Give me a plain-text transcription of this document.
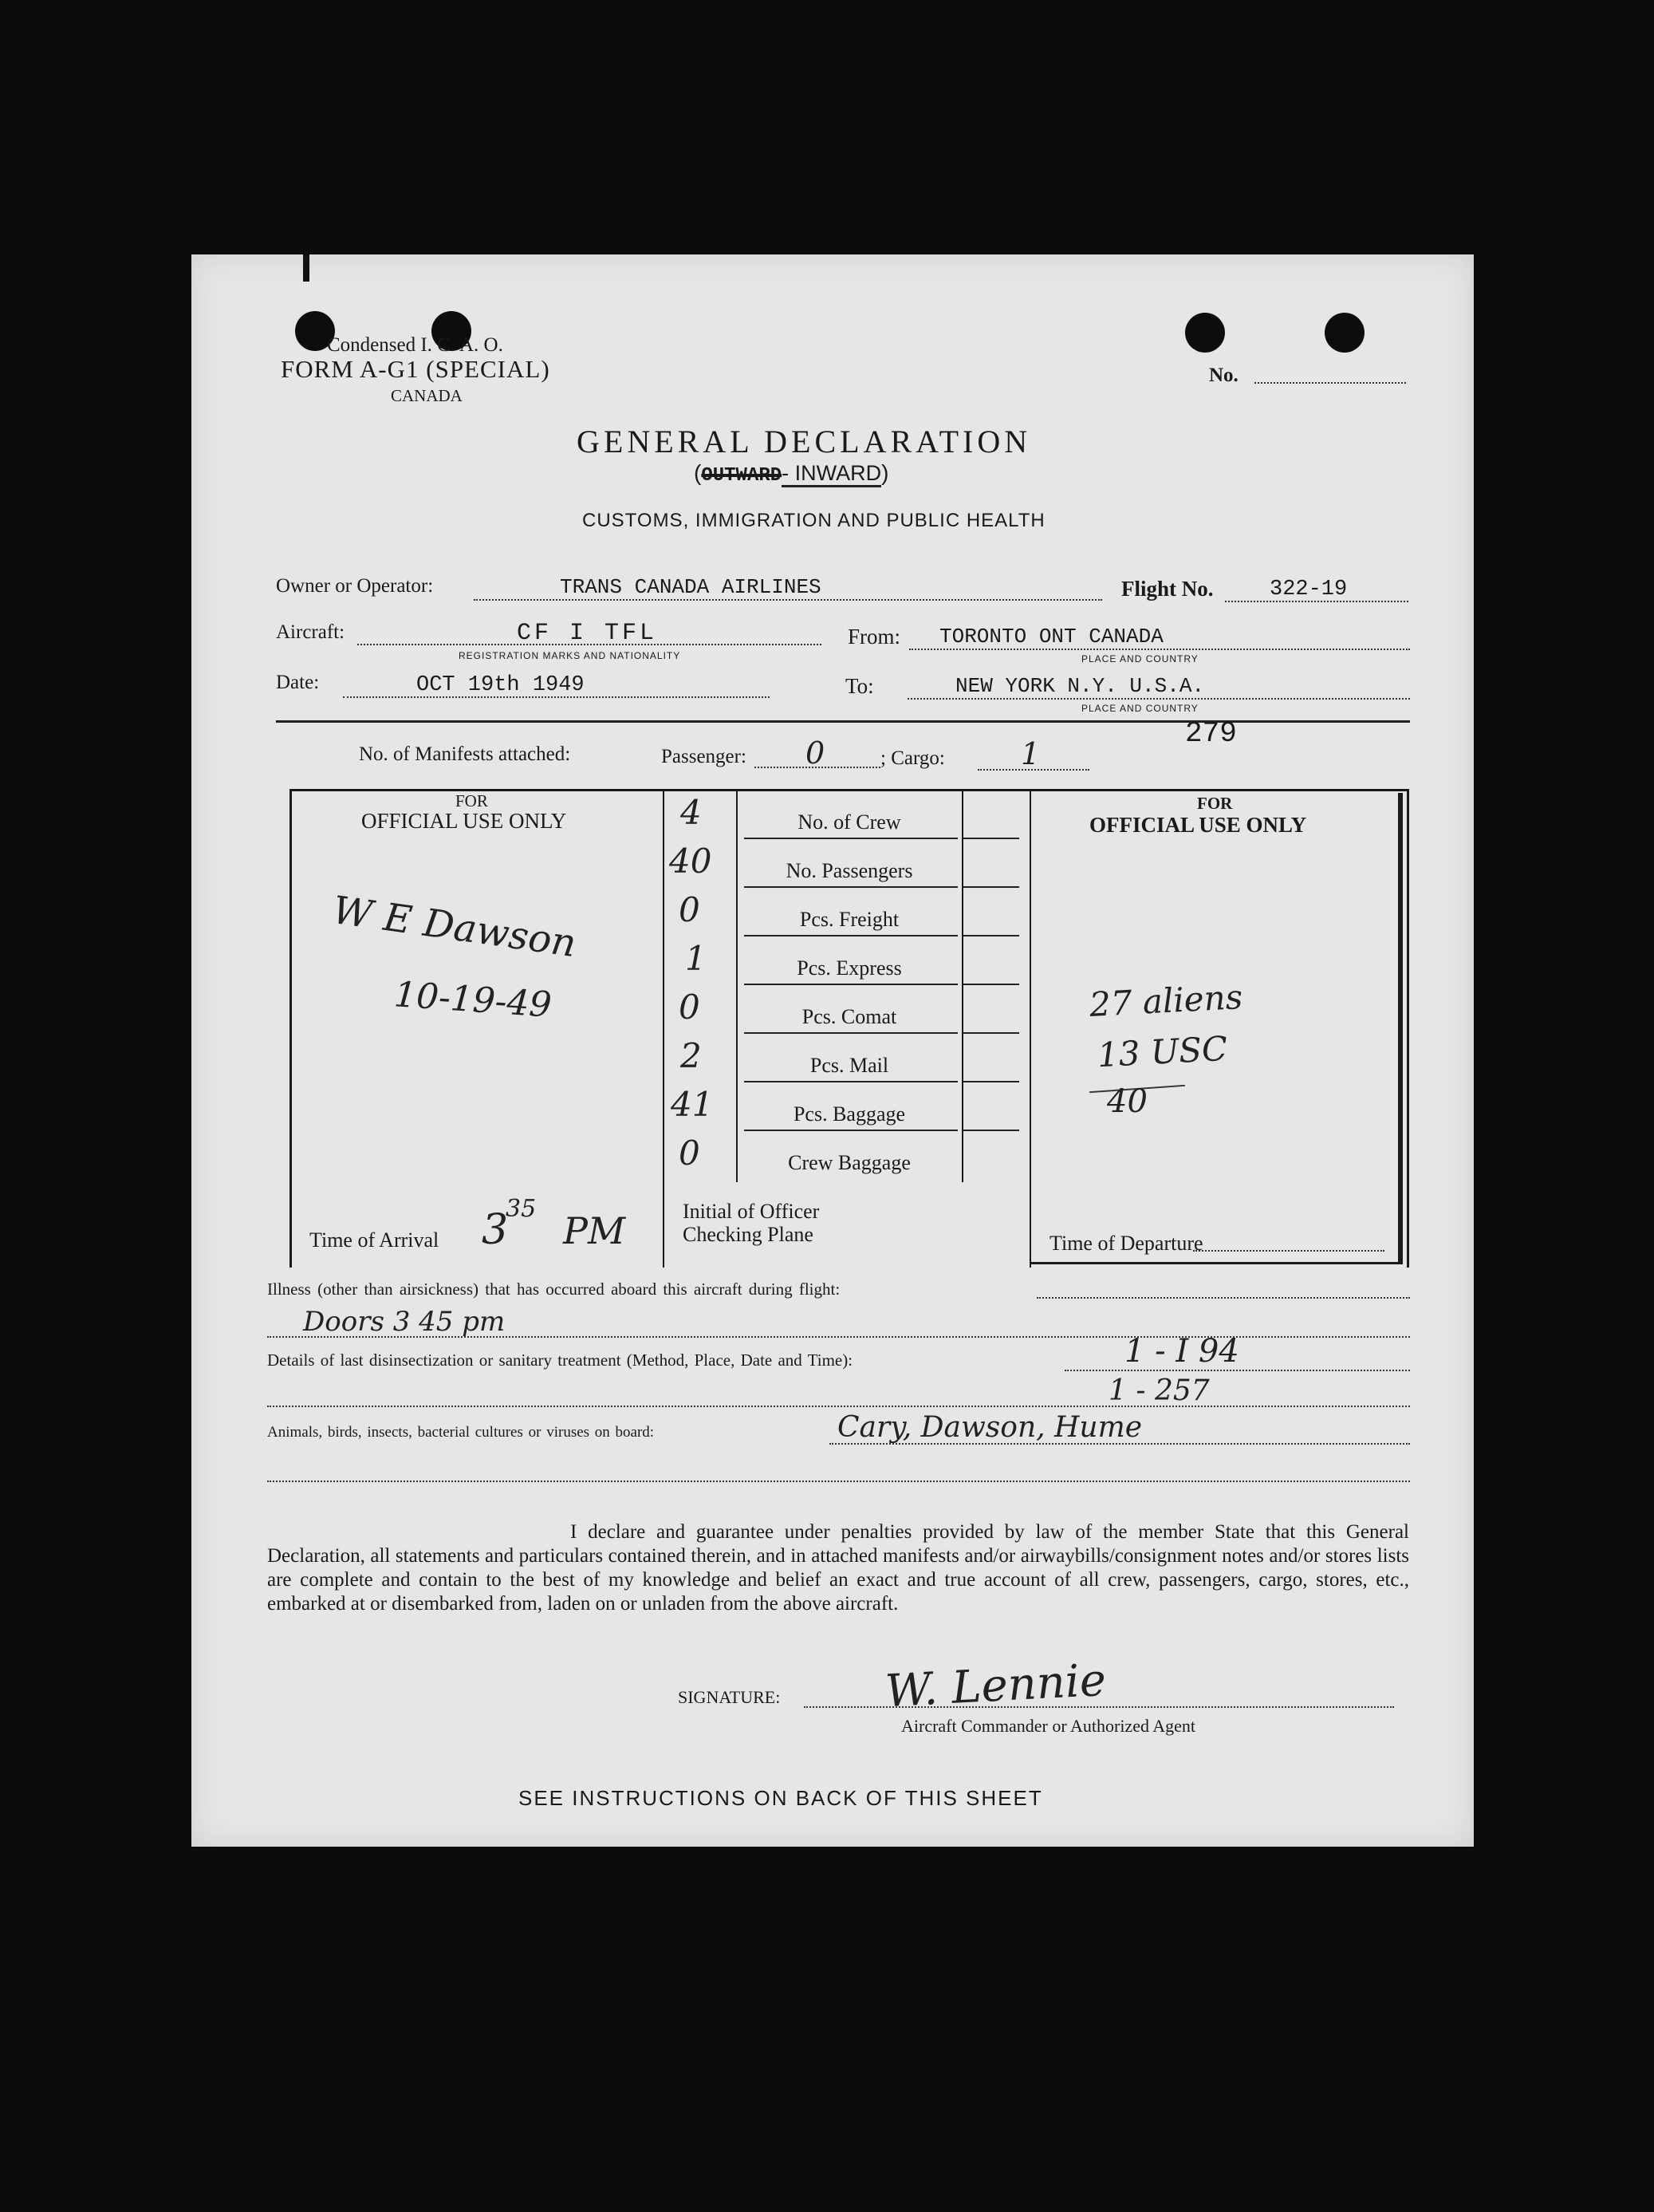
Condensed I. C. A. O.
FORM A-G1 (SPECIAL)
CANADA
No.
GENERAL DECLARATION
(OUTWARD- INWARD)
CUSTOMS, IMMIGRATION AND PUBLIC HEALTH
Owner or Operator:	TRANS CANADA AIRLINES	Flight No.	322-19
Aircraft:	CF I TFL
REGISTRATION MARKS AND NATIONALITY
From: TORONTO ONT CANADA
PLACE AND COUNTRY
Date:	OCT 19th 1949	To:	NEW YORK N.Y. U.S.A.
PLACE AND COUNTRY
279
No. of Manifests attached:	Passenger: 0	; Cargo:	1
FOR
OFFICIAL USE ONLY
W E Dawson
10-19-49
Time of Arrival 3
35
PM
4	No. of Crew
40	No. Passengers
0	Pcs. Freight
1	Pcs. Express
0	Pcs. Comat
2	Pcs. Mail
41	Pcs. Baggage
0	Crew Baggage
Initial of Officer
Checking Plane
FOR
OFFICIAL USE ONLY
27 aliens
13 USC
40
Time of Departure
Illness (other than airsickness) that has occurred aboard this aircraft during flight:
Doors 3 45 pm
Details of last disinsectization or sanitary treatment (Method, Place, Date and Time):	1 - I 94
1 - 257
Animals, birds, insects, bacterial cultures or viruses on board:	Cary, Dawson, Hume
I declare and guarantee under penalties provided by law of the member State that this General Declaration, all statements and particulars contained therein, and in attached manifests and/or airwaybills/consignment notes and/or stores lists are complete and contain to the best of my knowledge and belief an exact and true account of all crew, passengers, cargo, stores, etc., embarked at or disembarked from, laden on or unladen from the above aircraft.
SIGNATURE: W. Lennie
Aircraft Commander or Authorized Agent
SEE INSTRUCTIONS ON BACK OF THIS SHEET
